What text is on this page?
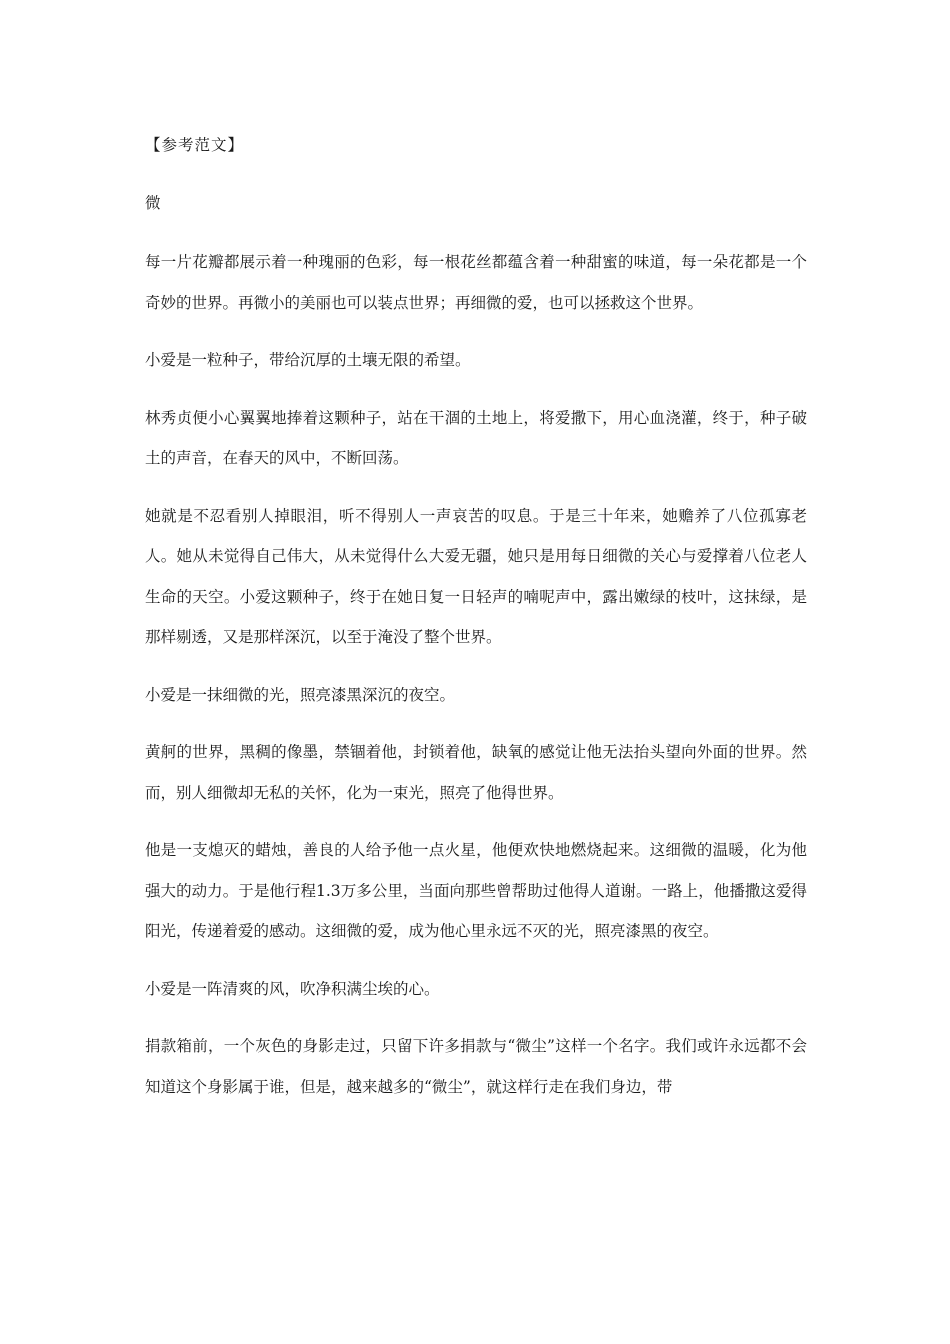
【参考范文】

微

每一片花瓣都展示着一种瑰丽的色彩，每一根花丝都蕴含着一种甜蜜的味道，每一朵花都是一个奇妙的世界。再微小的美丽也可以装点世界；再细微的爱，也可以拯救这个世界。

小爱是一粒种子，带给沉厚的土壤无限的希望。

林秀贞便小心翼翼地捧着这颗种子，站在干涸的土地上，将爱撒下，用心血浇灌，终于，种子破土的声音，在春天的风中，不断回荡。

她就是不忍看别人掉眼泪，听不得别人一声哀苦的叹息。于是三十年来，她赡养了八位孤寡老人。她从未觉得自己伟大，从未觉得什么大爱无疆，她只是用每日细微的关心与爱撑着八位老人生命的天空。小爱这颗种子，终于在她日复一日轻声的喃呢声中，露出嫩绿的枝叶，这抹绿，是那样剔透，又是那样深沉，以至于淹没了整个世界。

小爱是一抹细微的光，照亮漆黑深沉的夜空。

黄舸的世界，黑稠的像墨，禁锢着他，封锁着他，缺氧的感觉让他无法抬头望向外面的世界。然而，别人细微却无私的关怀，化为一束光，照亮了他得世界。

他是一支熄灭的蜡烛，善良的人给予他一点火星，他便欢快地燃烧起来。这细微的温暖，化为他强大的动力。于是他行程1.3万多公里，当面向那些曾帮助过他得人道谢。一路上，他播撒这爱得阳光，传递着爱的感动。这细微的爱，成为他心里永远不灭的光，照亮漆黑的夜空。

小爱是一阵清爽的风，吹净积满尘埃的心。

捐款箱前，一个灰色的身影走过，只留下许多捐款与“微尘”这样一个名字。我们或许永远都不会知道这个身影属于谁，但是，越来越多的“微尘”，就这样行走在我们身边，带
